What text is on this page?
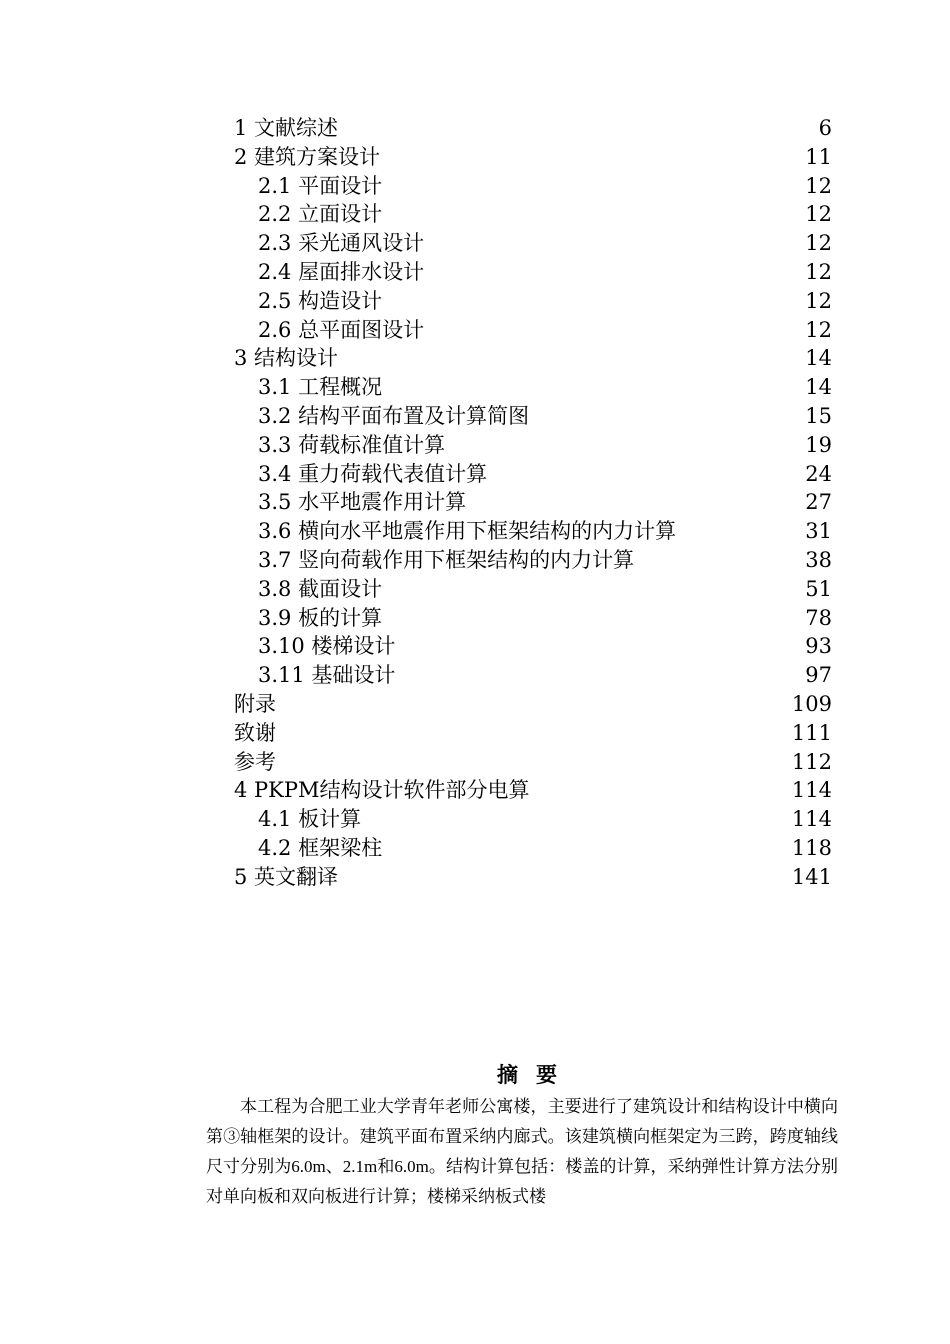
1 文献综述	6
2 建筑方案设计	11
2.1 平面设计	12
2.2 立面设计	12
2.3 采光通风设计	12
2.4 屋面排水设计	12
2.5 构造设计	12
2.6 总平面图设计	12
3 结构设计	14
3.1 工程概况	14
3.2 结构平面布置及计算简图	15
3.3 荷载标准值计算	19
3.4 重力荷载代表值计算	24
3.5 水平地震作用计算	27
3.6 横向水平地震作用下框架结构的内力计算	31
3.7 竖向荷载作用下框架结构的内力计算	38
3.8 截面设计	51
3.9 板的计算	78
3.10 楼梯设计	93
3.11 基础设计	97
附录	109
致谢	111
参考	112
4 PKPM结构设计软件部分电算	114
4.1 板计算	114
4.2 框架梁柱	118
5 英文翻译	141
摘要
本工程为合肥工业大学青年老师公寓楼，主要进行了建筑设计和结构设计中横向第③轴框架的设计。建筑平面布置采纳内廊式。该建筑横向框架定为三跨，跨度轴线尺寸分别为6.0m、2.1m和6.0m。结构计算包括：楼盖的计算，采纳弹性计算方法分别对单向板和双向板进行计算；楼梯采纳板式楼
